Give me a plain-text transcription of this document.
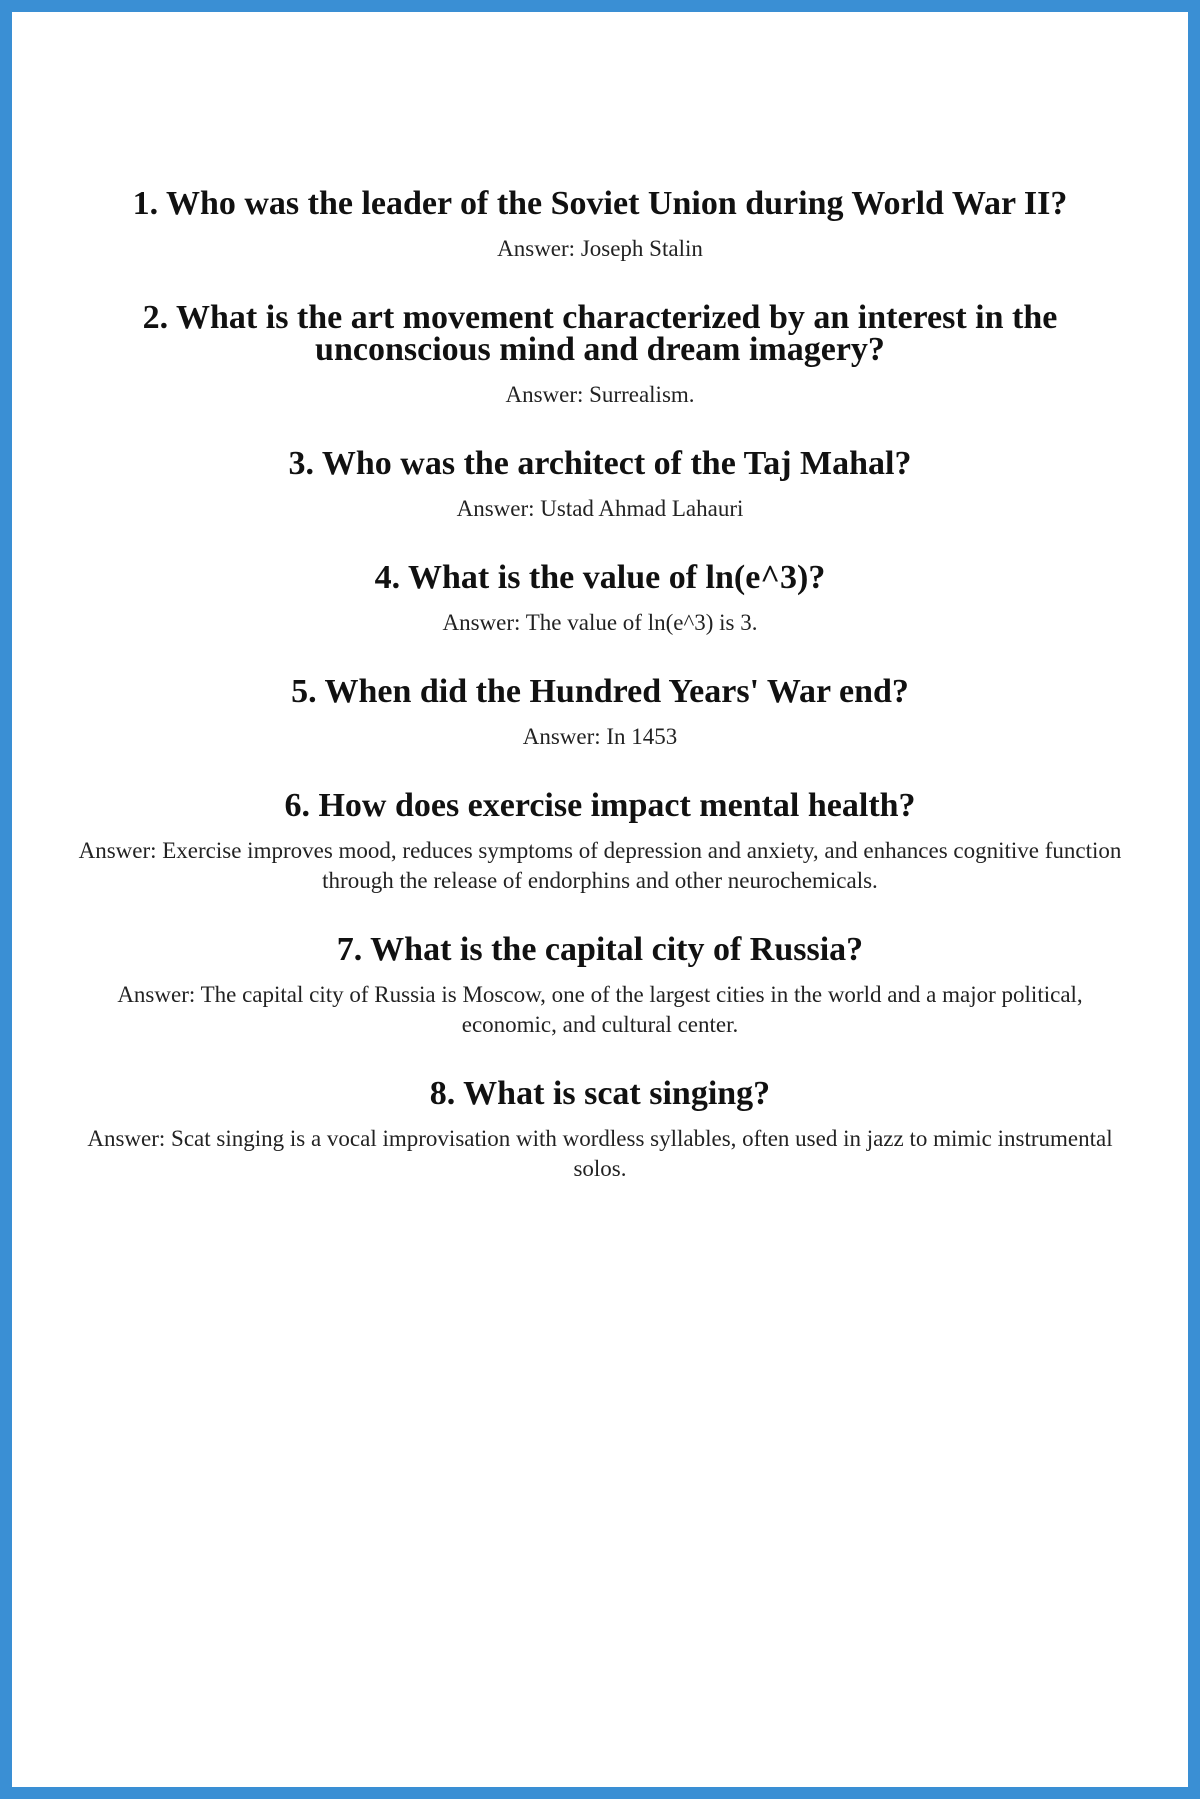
1. Who was the leader of the Soviet Union during World War II?

Answer: Joseph Stalin

2. What is the art movement characterized by an interest in the unconscious mind and dream imagery?

Answer: Surrealism.

3. Who was the architect of the Taj Mahal?

Answer: Ustad Ahmad Lahauri

4. What is the value of ln(e^3)?

Answer: The value of ln(e^3) is 3.

5. When did the Hundred Years' War end?

Answer: In 1453

6. How does exercise impact mental health?

Answer: Exercise improves mood, reduces symptoms of depression and anxiety, and enhances cognitive function through the release of endorphins and other neurochemicals.

7. What is the capital city of Russia?

Answer: The capital city of Russia is Moscow, one of the largest cities in the world and a major political, economic, and cultural center.

8. What is scat singing?

Answer: Scat singing is a vocal improvisation with wordless syllables, often used in jazz to mimic instrumental solos.
